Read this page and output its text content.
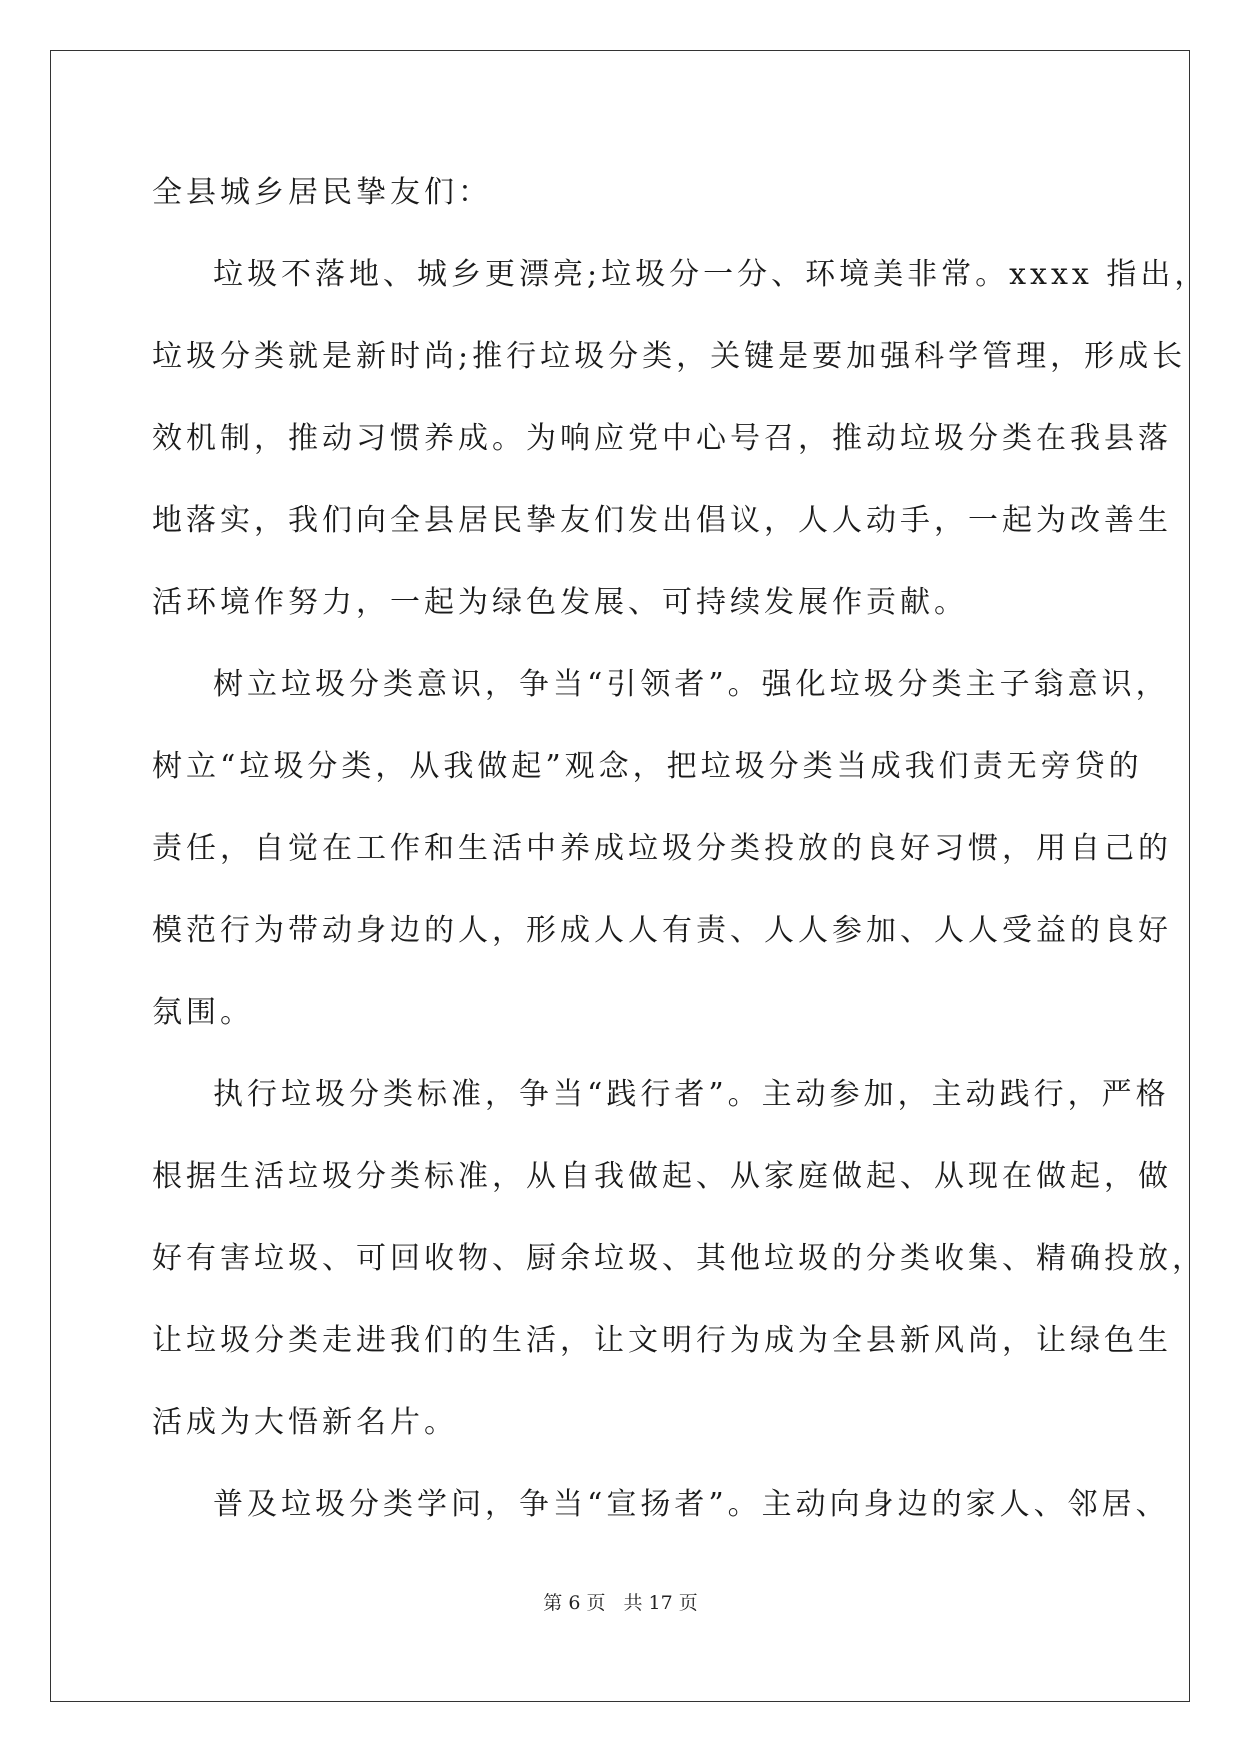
全县城乡居民挚友们：
垃圾不落地、城乡更漂亮;垃圾分一分、环境美非常。xxxx 指出，
垃圾分类就是新时尚;推行垃圾分类，关键是要加强科学管理，形成长
效机制，推动习惯养成。为响应党中心号召，推动垃圾分类在我县落
地落实，我们向全县居民挚友们发出倡议，人人动手，一起为改善生
活环境作努力，一起为绿色发展、可持续发展作贡献。
树立垃圾分类意识，争当“引领者”。强化垃圾分类主子翁意识，
树立“垃圾分类，从我做起”观念，把垃圾分类当成我们责无旁贷的
责任，自觉在工作和生活中养成垃圾分类投放的良好习惯，用自己的
模范行为带动身边的人，形成人人有责、人人参加、人人受益的良好
氛围。
执行垃圾分类标准，争当“践行者”。主动参加，主动践行，严格
根据生活垃圾分类标准，从自我做起、从家庭做起、从现在做起，做
好有害垃圾、可回收物、厨余垃圾、其他垃圾的分类收集、精确投放，
让垃圾分类走进我们的生活，让文明行为成为全县新风尚，让绿色生
活成为大悟新名片。
普及垃圾分类学问，争当“宣扬者”。主动向身边的家人、邻居、
第 6 页 共 17 页
